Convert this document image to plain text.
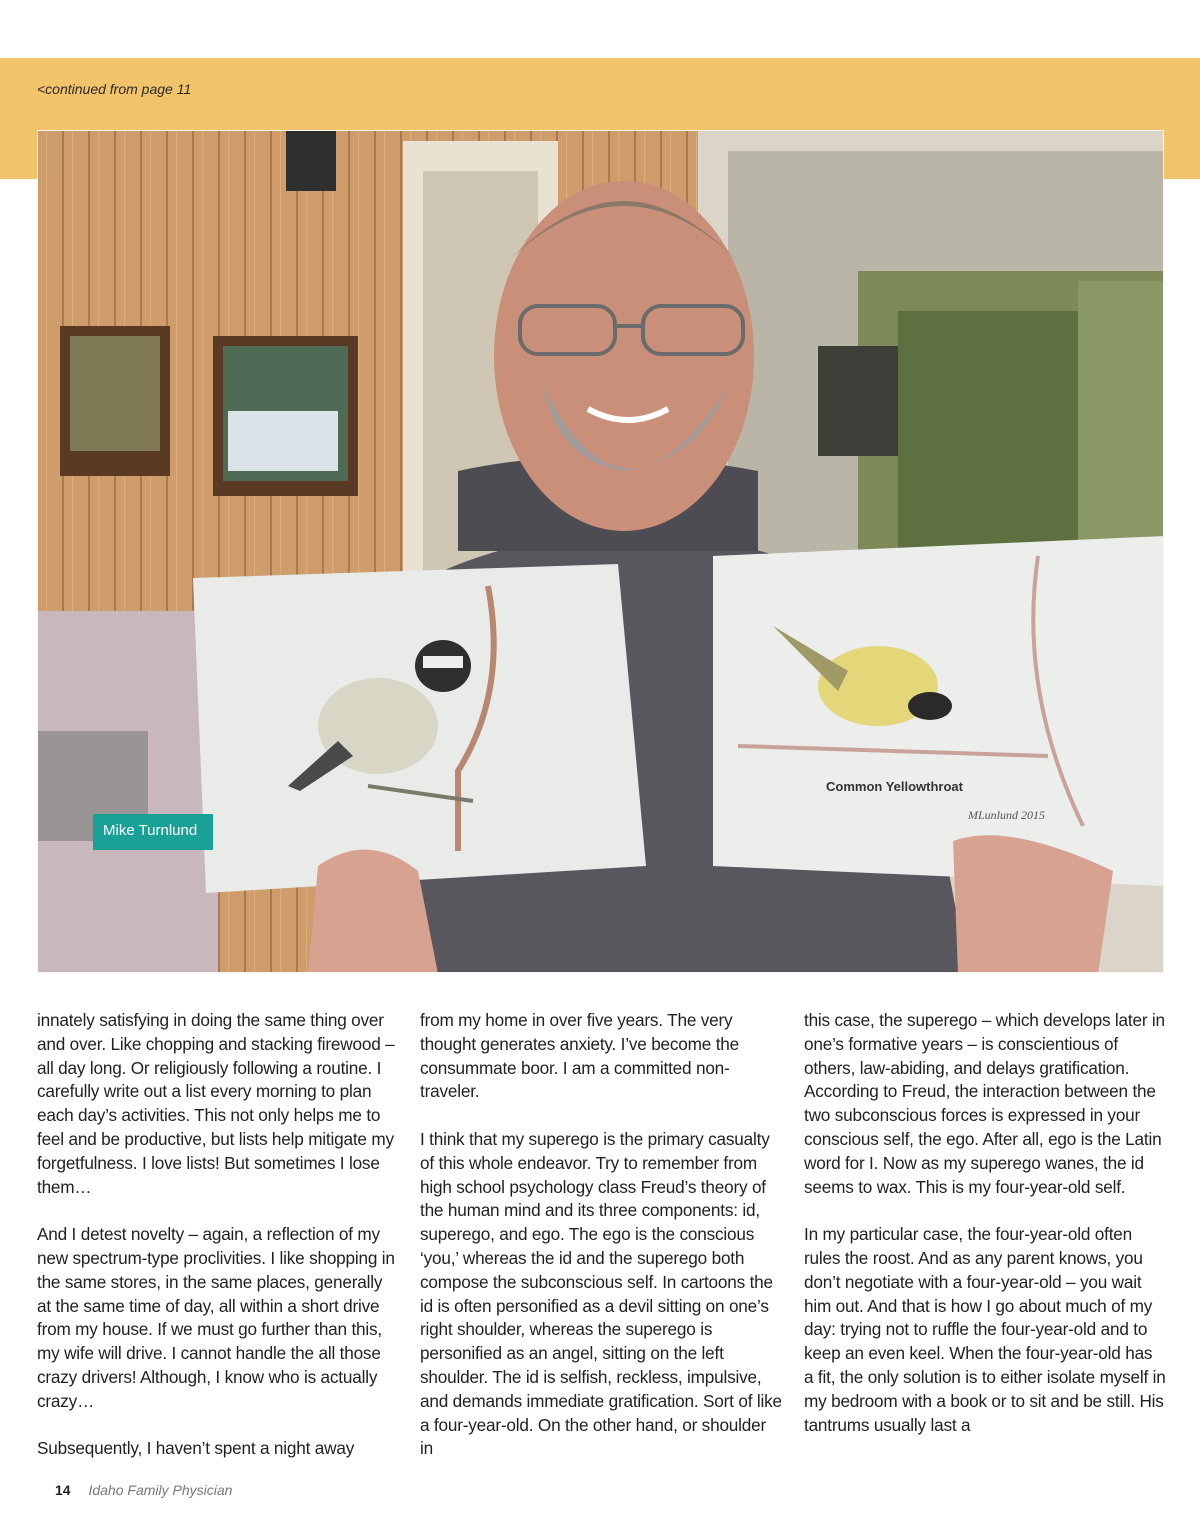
<continued from page 11
Common Yellowthroat
MLunlund 2015
Mike Turnlund

innately satisfying in doing the same thing over and over. Like chopping and stacking firewood – all day long. Or religiously following a routine. I carefully write out a list every morning to plan each day’s activities. This not only helps me to feel and be productive, but lists help mitigate my forgetfulness. I love lists! But sometimes I lose them…

And I detest novelty – again, a reflection of my new spectrum-type proclivities. I like shopping in the same stores, in the same places, generally at the same time of day, all within a short drive from my house. If we must go further than this, my wife will drive. I cannot handle the all those crazy drivers! Although, I know who is actually crazy…

Subsequently, I haven’t spent a night away

from my home in over five years. The very thought generates anxiety. I’ve become the consummate boor. I am a committed non-traveler.

I think that my superego is the primary casualty of this whole endeavor. Try to remember from high school psychology class Freud’s theory of the human mind and its three components: id, superego, and ego. The ego is the conscious ‘you,’ whereas the id and the superego both compose the subconscious self. In cartoons the id is often personified as a devil sitting on one’s right shoulder, whereas the superego is personified as an angel, sitting on the left shoulder. The id is selfish, reckless, impulsive, and demands immediate gratification. Sort of like a four-year-old. On the other hand, or shoulder in

this case, the superego – which develops later in one’s formative years – is conscientious of others, law-abiding, and delays gratification. According to Freud, the interaction between the two subconscious forces is expressed in your conscious self, the ego. After all, ego is the Latin word for I. Now as my superego wanes, the id seems to wax. This is my four-year-old self.

In my particular case, the four-year-old often rules the roost. And as any parent knows, you don’t negotiate with a four-year-old – you wait him out. And that is how I go about much of my day: trying not to ruffle the four-year-old and to keep an even keel. When the four-year-old has a fit, the only solution is to either isolate myself in my bedroom with a book or to sit and be still. His tantrums usually last a

14 Idaho Family Physician
